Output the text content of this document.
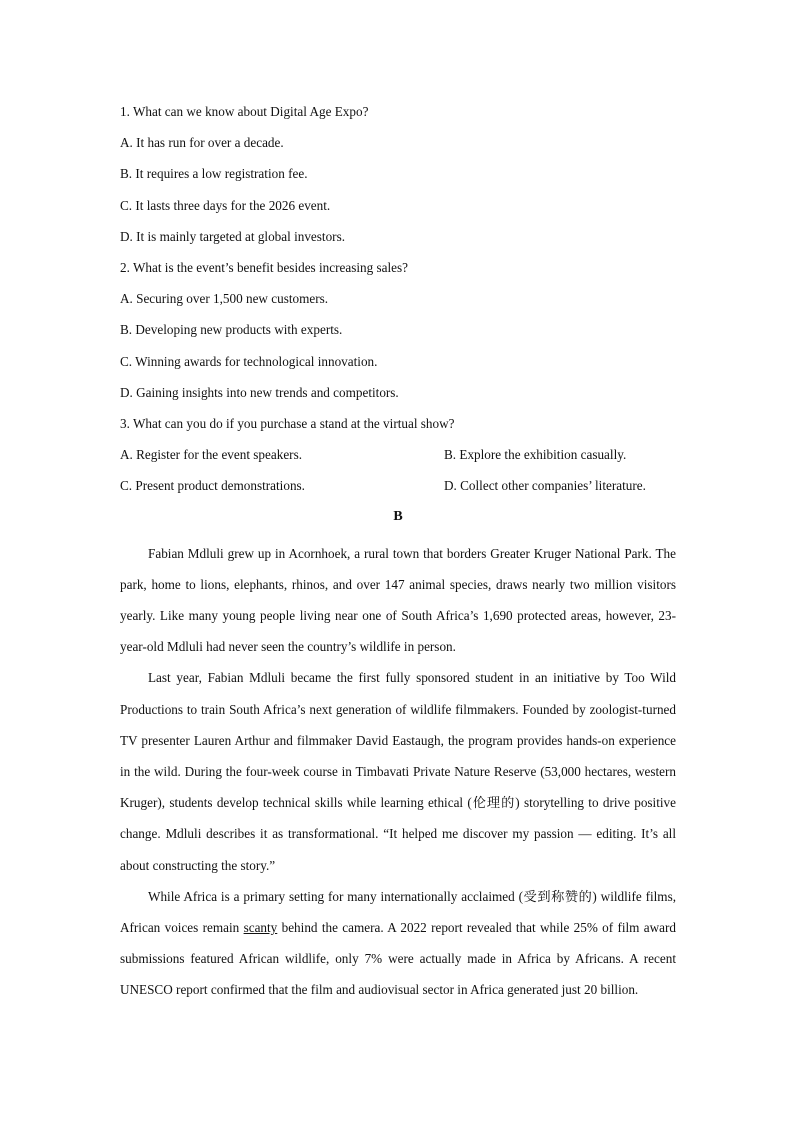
1. What can we know about Digital Age Expo?
A. It has run for over a decade.
B. It requires a low registration fee.
C. It lasts three days for the 2026 event.
D. It is mainly targeted at global investors.
2. What is the event’s benefit besides increasing sales?
A. Securing over 1,500 new customers.
B. Developing new products with experts.
C. Winning awards for technological innovation.
D. Gaining insights into new trends and competitors.
3. What can you do if you purchase a stand at the virtual show?
A. Register for the event speakers.	B. Explore the exhibition casually.
C. Present product demonstrations.	D. Collect other companies’ literature.
B

Fabian Mdluli grew up in Acornhoek, a rural town that borders Greater Kruger National Park. The park, home to lions, elephants, rhinos, and over 147 animal species, draws nearly two million visitors yearly. Like many young people living near one of South Africa’s 1,690 protected areas, however, 23-year-old Mdluli had never seen the country’s wildlife in person.

Last year, Fabian Mdluli became the first fully sponsored student in an initiative by Too Wild Productions to train South Africa’s next generation of wildlife filmmakers. Founded by zoologist-turned TV presenter Lauren Arthur and filmmaker David Eastaugh, the program provides hands-on experience in the wild. During the four-week course in Timbavati Private Nature Reserve (53,000 hectares, western Kruger), students develop technical skills while learning ethical (伦理的) storytelling to drive positive change. Mdluli describes it as transformational. “It helped me discover my passion — editing. It’s all about constructing the story.”

While Africa is a primary setting for many internationally acclaimed (受到称赞的) wildlife films, African voices remain scanty behind the camera. A 2022 report revealed that while 25% of film award submissions featured African wildlife, only 7% were actually made in Africa by Africans. A recent UNESCO report confirmed that the film and audiovisual sector in Africa generated just 20 billion.
